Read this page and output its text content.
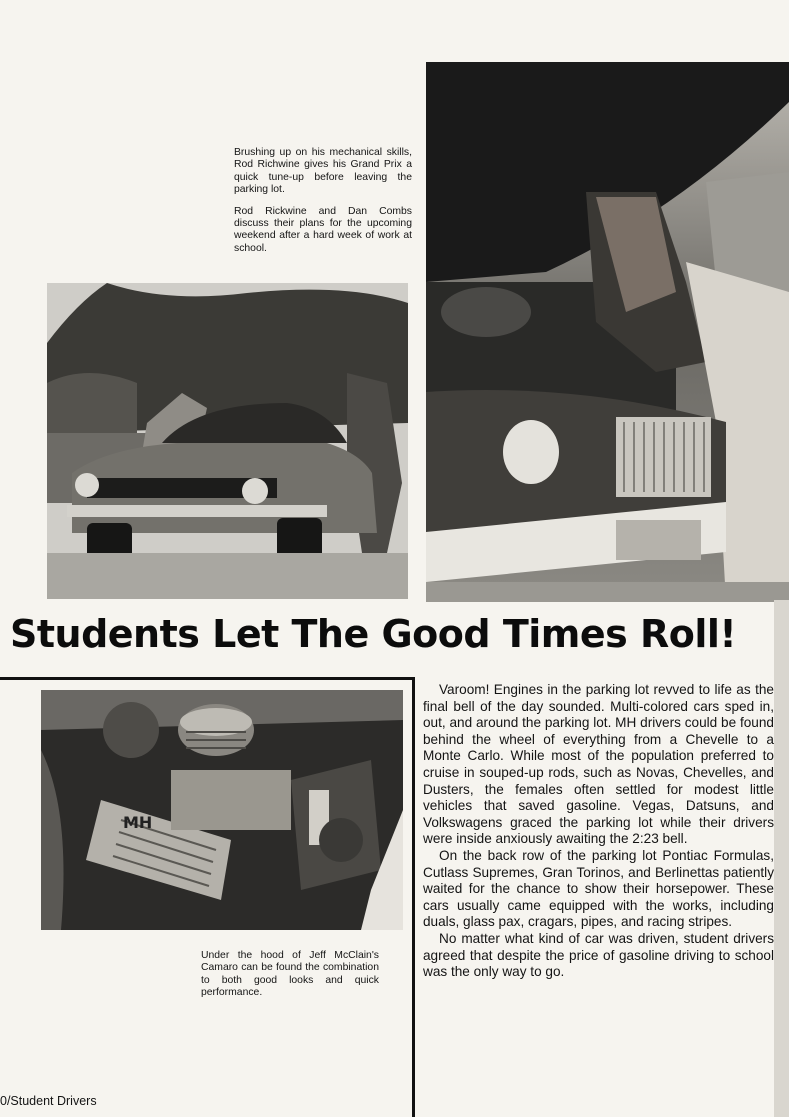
MH

Brushing up on his mechanical skills, Rod Richwine gives his Grand Prix a quick tune-up before leaving the parking lot.

Rod Rickwine and Dan Combs discuss their plans for the upcoming weekend after a hard week of work at school.

Students Let The Good Times Roll!
Under the hood of Jeff McClain's Camaro can be found the combination to both good looks and quick performance.

Varoom! Engines in the parking lot revved to life as the final bell of the day sounded. Multi-colored cars sped in, out, and around the parking lot. MH drivers could be found behind the wheel of everything from a Chevelle to a Monte Carlo. While most of the population preferred to cruise in souped-up rods, such as Novas, Chevelles, and Dusters, the females often settled for modest little vehicles that saved gasoline. Vegas, Datsuns, and Volkswagens graced the parking lot while their drivers were inside anxiously awaiting the 2:23 bell.

On the back row of the parking lot Pontiac Formulas, Cutlass Supremes, Gran Torinos, and Berlinettas patiently waited for the chance to show their horsepower. These cars usually came equipped with the works, including duals, glass pax, cragars, pipes, and racing stripes.

No matter what kind of car was driven, student drivers agreed that despite the price of gasoline driving to school was the only way to go.

0/Student Drivers
